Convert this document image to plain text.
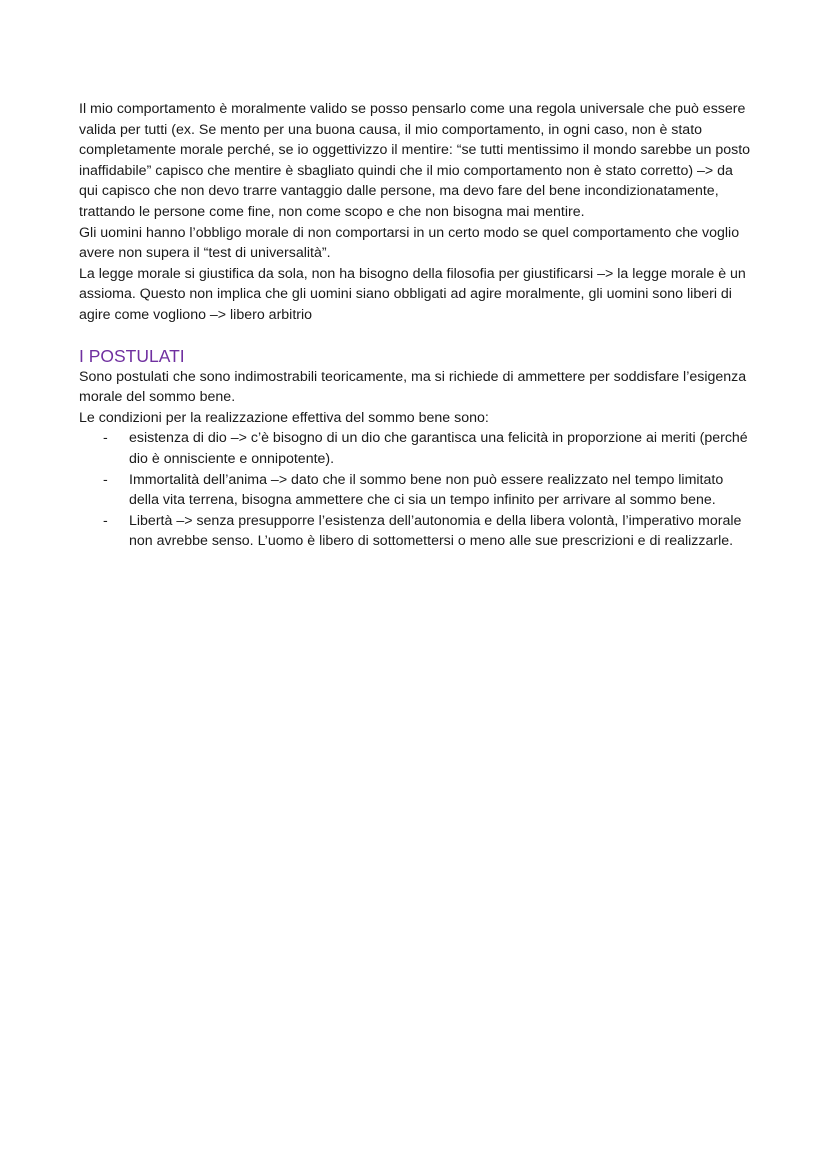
Il mio comportamento è moralmente valido se posso pensarlo come una regola universale che può essere valida per tutti (ex. Se mento per una buona causa, il mio comportamento, in ogni caso, non è stato completamente morale perché, se io oggettivizzo il mentire: “se tutti mentissimo il mondo sarebbe un posto inaffidabile” capisco che mentire è sbagliato quindi che il mio comportamento non è stato corretto) –> da qui capisco che non devo trarre vantaggio dalle persone, ma devo fare del bene incondizionatamente, trattando le persone come fine, non come scopo e che non bisogna mai mentire.

Gli uomini hanno l’obbligo morale di non comportarsi in un certo modo se quel comportamento che voglio avere non supera il “test di universalità”.

La legge morale si giustifica da sola, non ha bisogno della filosofia per giustificarsi –> la legge morale è un assioma. Questo non implica che gli uomini siano obbligati ad agire moralmente, gli uomini sono liberi di agire come vogliono –> libero arbitrio

I POSTULATI

Sono postulati che sono indimostrabili teoricamente, ma si richiede di ammettere per soddisfare l’esigenza morale del sommo bene.

Le condizioni per la realizzazione effettiva del sommo bene sono:

- esistenza di dio –> c’è bisogno di un dio che garantisca una felicità in proporzione ai meriti (perché dio è onnisciente e onnipotente).
- Immortalità dell’anima –> dato che il sommo bene non può essere realizzato nel tempo limitato della vita terrena, bisogna ammettere che ci sia un tempo infinito per arrivare al sommo bene.
- Libertà –> senza presupporre l’esistenza dell’autonomia e della libera volontà, l’imperativo morale non avrebbe senso. L’uomo è libero di sottomettersi o meno alle sue prescrizioni e di realizzarle.
